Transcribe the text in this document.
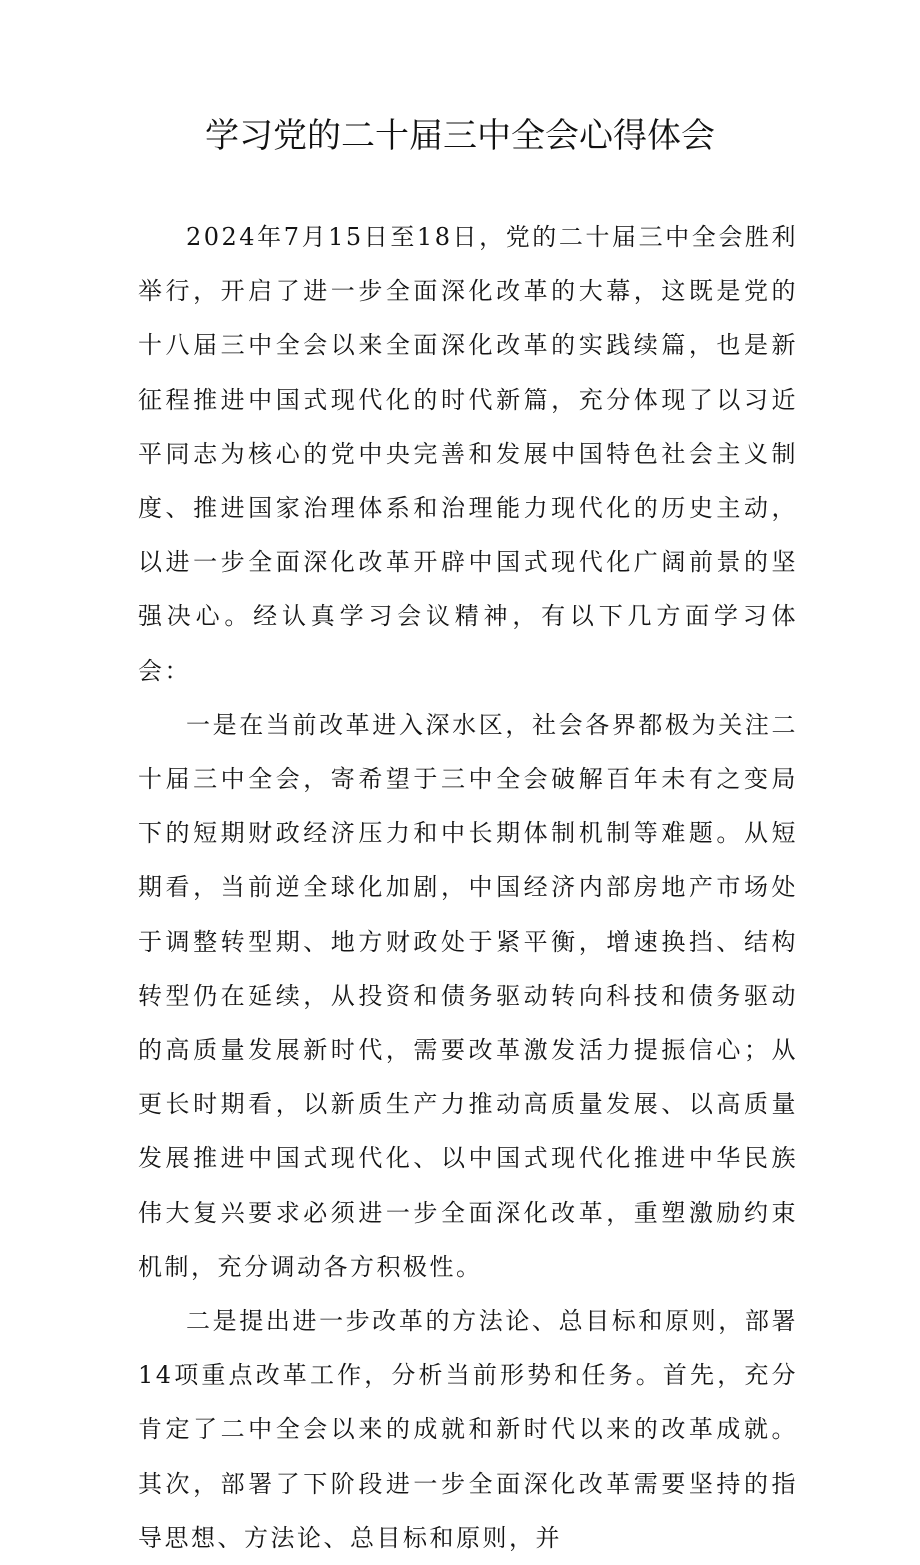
学习党的二十届三中全会心得体会

2024年7月15日至18日，党的二十届三中全会胜利举行，开启了进一步全面深化改革的大幕，这既是党的十八届三中全会以来全面深化改革的实践续篇，也是新征程推进中国式现代化的时代新篇，充分体现了以习近平同志为核心的党中央完善和发展中国特色社会主义制度、推进国家治理体系和治理能力现代化的历史主动，以进一步全面深化改革开辟中国式现代化广阔前景的坚强决心。经认真学习会议精神，有以下几方面学习体会：

一是在当前改革进入深水区，社会各界都极为关注二十届三中全会，寄希望于三中全会破解百年未有之变局下的短期财政经济压力和中长期体制机制等难题。从短期看，当前逆全球化加剧，中国经济内部房地产市场处于调整转型期、地方财政处于紧平衡，增速换挡、结构转型仍在延续，从投资和债务驱动转向科技和债务驱动的高质量发展新时代，需要改革激发活力提振信心；从更长时期看，以新质生产力推动高质量发展、以高质量发展推进中国式现代化、以中国式现代化推进中华民族伟大复兴要求必须进一步全面深化改革，重塑激励约束机制，充分调动各方积极性。

二是提出进一步改革的方法论、总目标和原则，部署14项重点改革工作，分析当前形势和任务。首先，充分肯定了二中全会以来的成就和新时代以来的改革成就。其次，部署了下阶段进一步全面深化改革需要坚持的指导思想、方法论、总目标和原则，并
